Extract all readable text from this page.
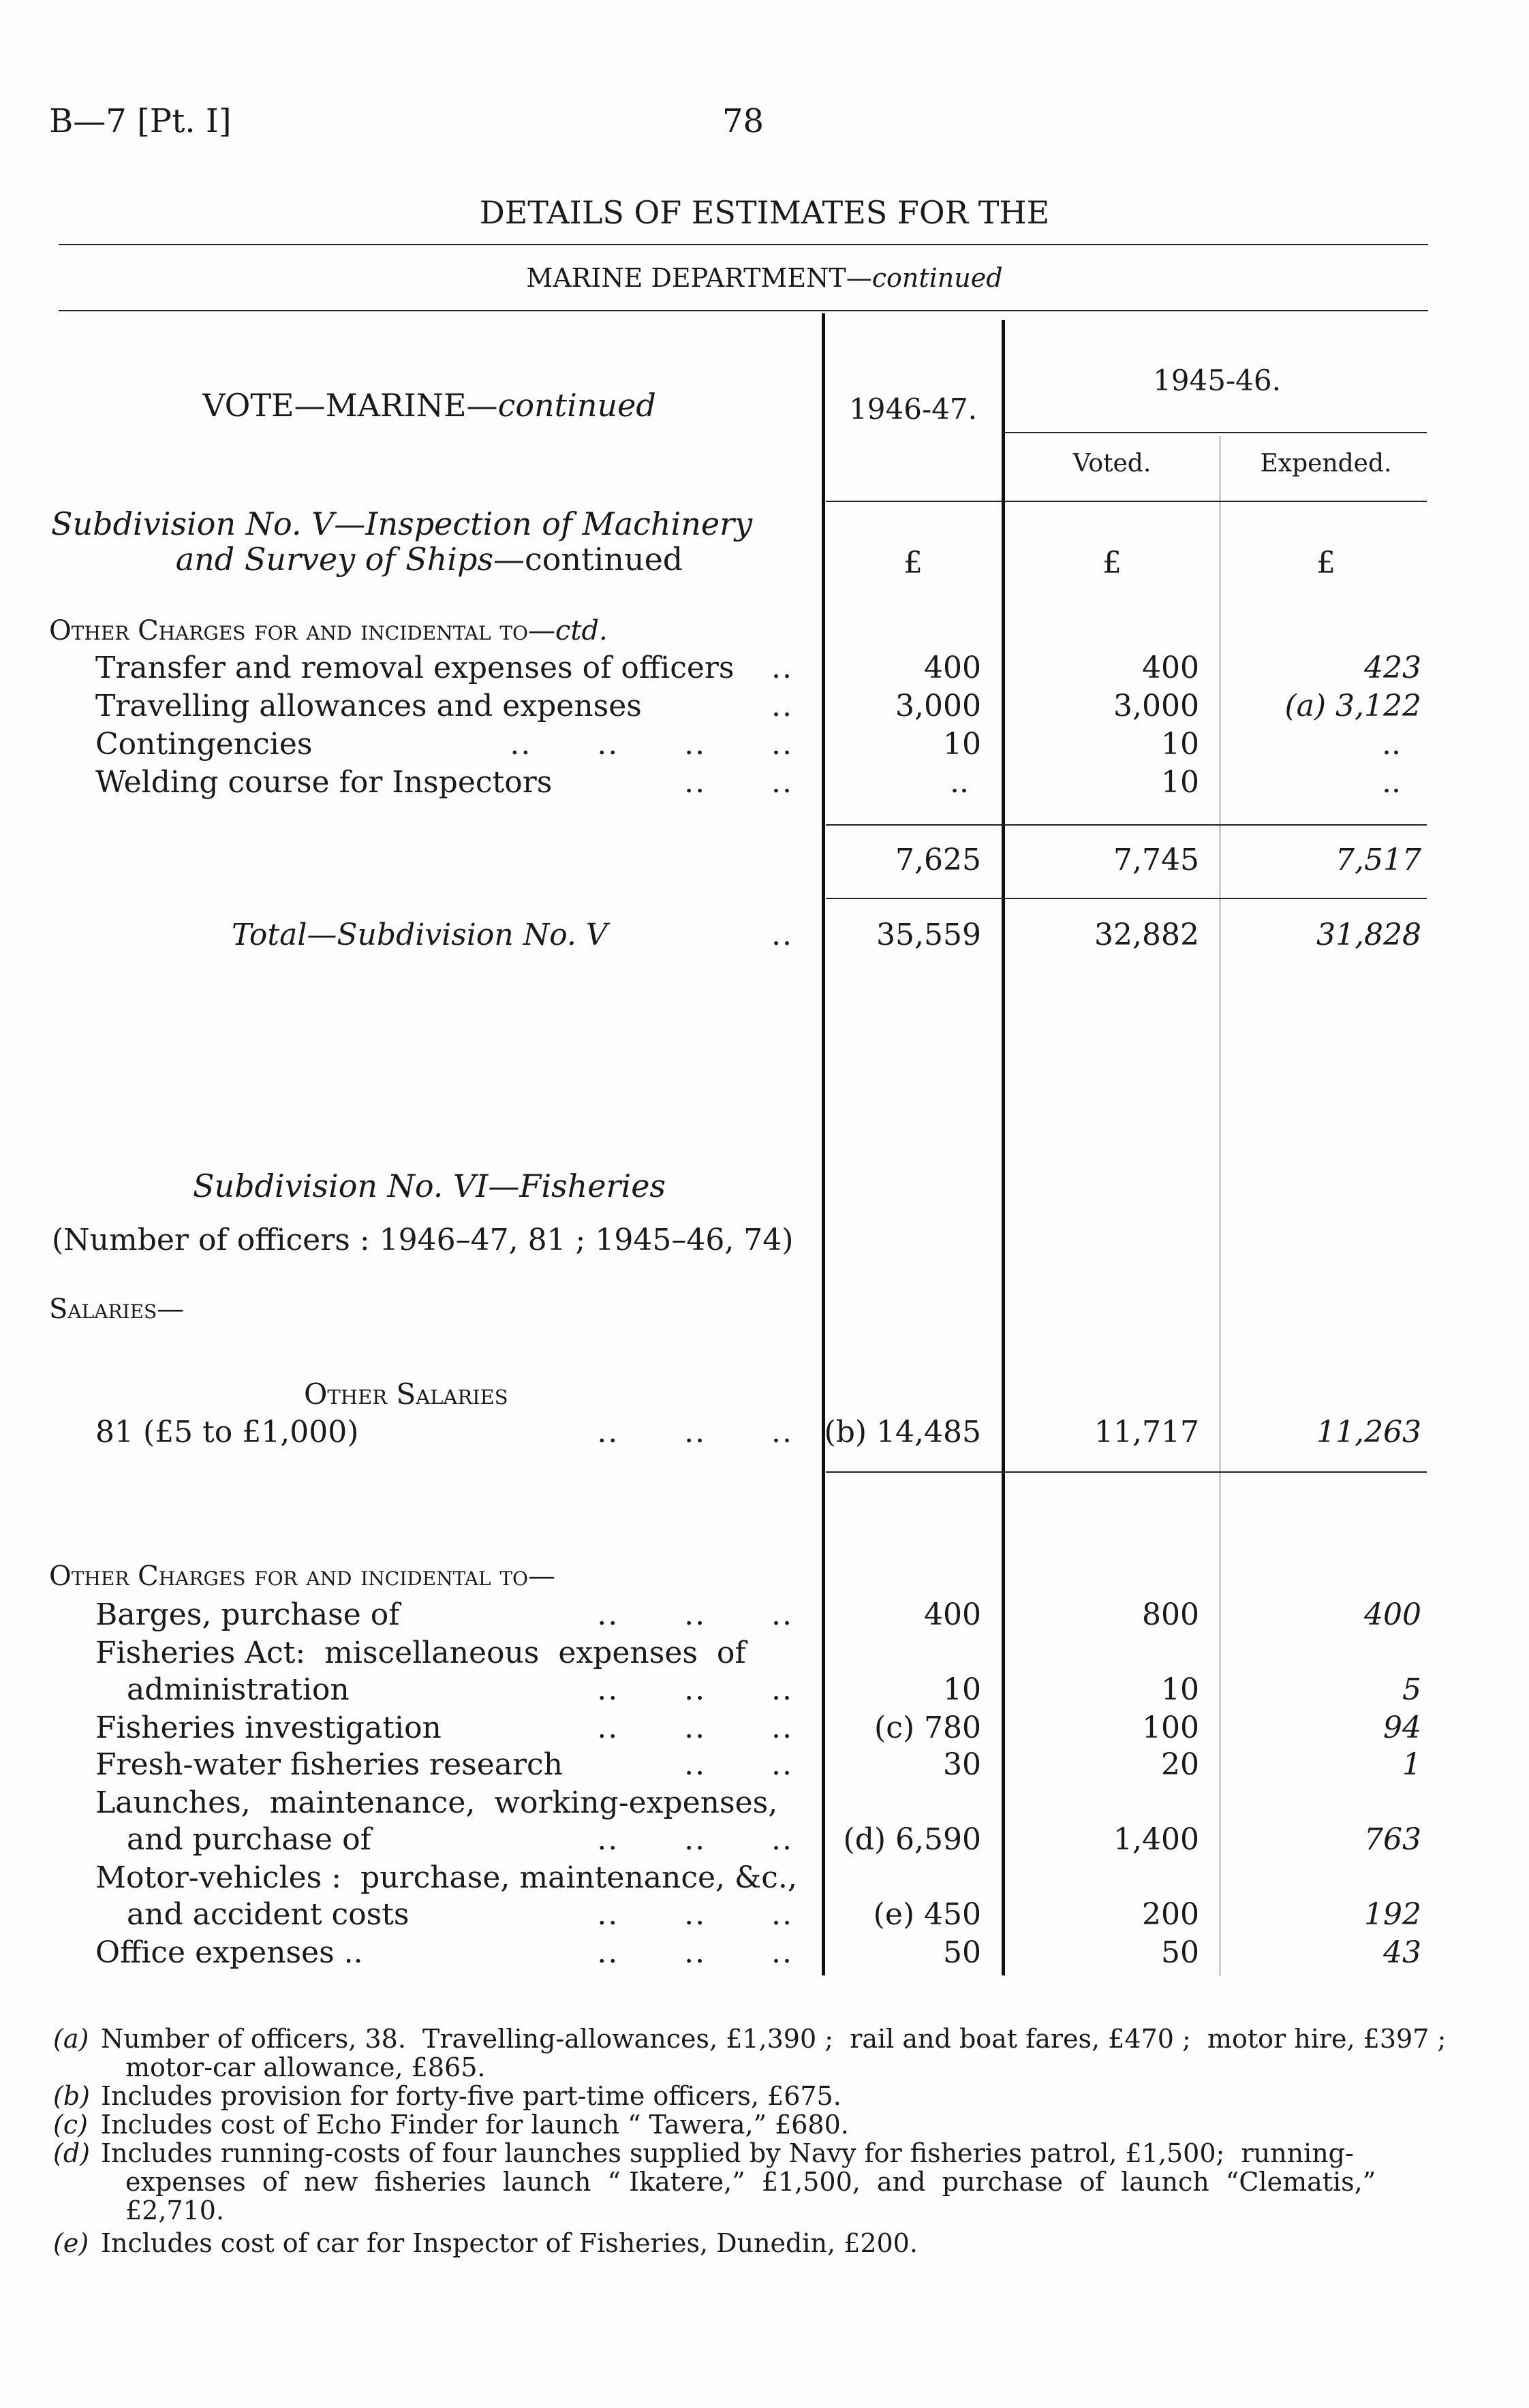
B—7 [Pt. I]	78
DETAILS OF ESTIMATES FOR THE
MARINE DEPARTMENT—continued
VOTE—MARINE—continued	1946-47.
1945-46.
Voted.	Expended.
Subdivision No. V—Inspection of Machinery
and Survey of Ships—continued	£	£	£
Other Charges for and incidental to—ctd.
Transfer and removal expenses of officers	..	400	400	423
Travelling allowances and expenses	..	3,000	3,000	(a) 3,122
Contingencies	..      ..      ..      ..	10	10	..
Welding course for Inspectors	..      ..	..	10	..
7,625	7,745	7,517
Total—Subdivision No. V	..	35,559	32,882	31,828
Subdivision No. VI—Fisheries
(Number of officers : 1946–47, 81 ; 1945–46, 74)
Salaries—
Other Salaries
81 (£5 to £1,000)	..      ..      .. (b) 14,485	11,717	11,263
Other Charges for and incidental to—
Barges, purchase of	..      ..      ..	400	800	400
Fisheries Act:  miscellaneous  expenses  of
administration	..      ..      ..	10	10	5
Fisheries investigation	..      ..      ..	(c) 780	100	94
Fresh-water fisheries research	..      ..	30	20	1
Launches,  maintenance,  working-expenses,
and purchase of	..      ..      ..	(d) 6,590	1,400	763
Motor-vehicles :  purchase, maintenance, &c.,
and accident costs	..      ..      ..	(e) 450	200	192
Office expenses ..	..      ..      ..	50	50	43
(a) Number of officers, 38.  Travelling-allowances, £1,390 ;  rail and boat fares, £470 ;  motor hire, £397 ;
motor-car allowance, £865.
(b) Includes provision for forty-five part-time officers, £675.
(c) Includes cost of Echo Finder for launch “ Tawera,” £680.
(d) Includes running-costs of four launches supplied by Navy for fisheries patrol, £1,500;  running-
expenses  of  new  fisheries  launch  “ Ikatere,”  £1,500,  and  purchase  of  launch  “Clematis,”
£2,710.
(e) Includes cost of car for Inspector of Fisheries, Dunedin, £200.
